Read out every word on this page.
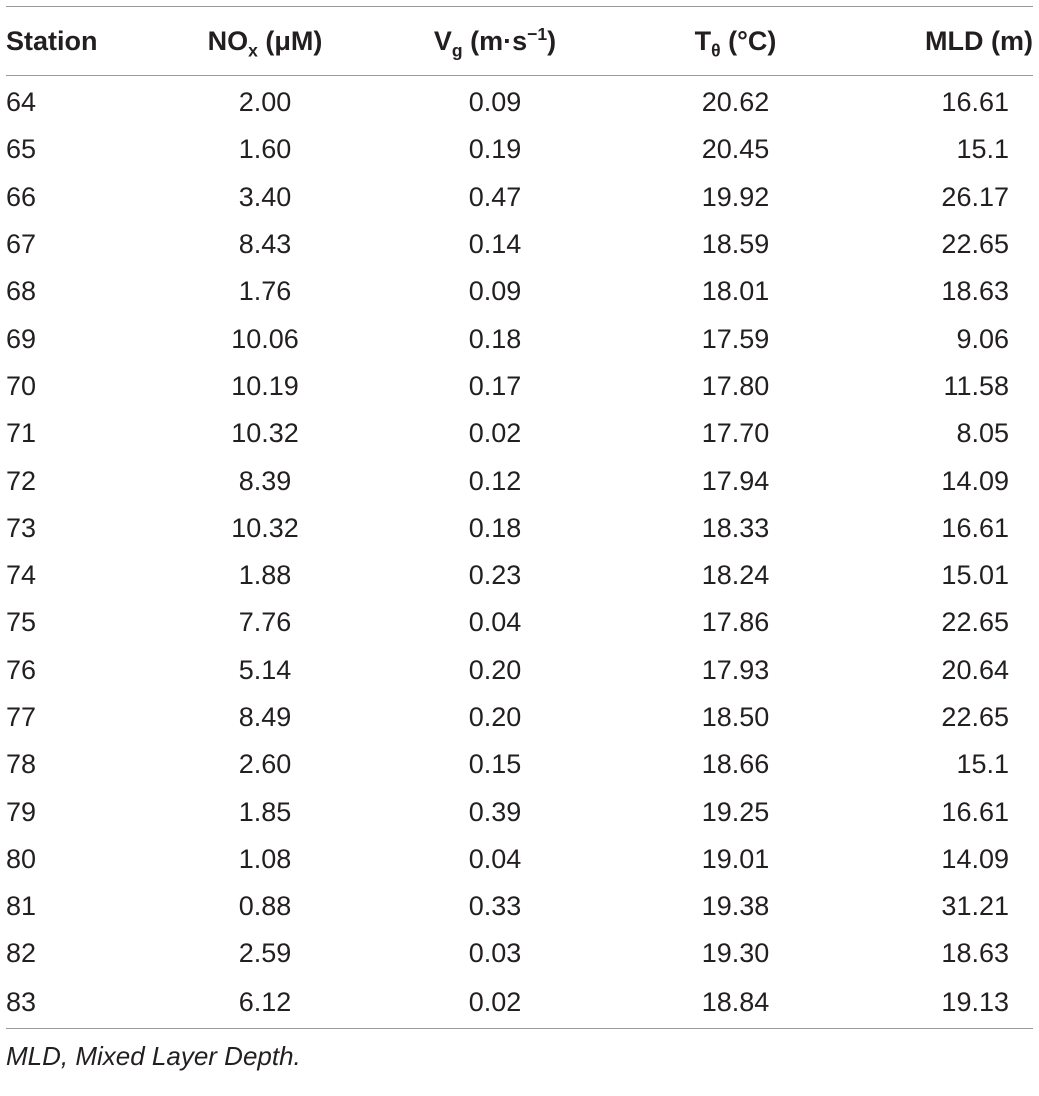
Station	$NO_x$ (μM)	$V_g$ $(m\cdot s^{-1})$	$T_\theta$ (°C)	MLD (m)
64	2.00	0.09	20.62	16.61
65	1.60	0.19	20.45	15.1
66	3.40	0.47	19.92	26.17
67	8.43	0.14	18.59	22.65
68	1.76	0.09	18.01	18.63
69	10.06	0.18	17.59	9.06
70	10.19	0.17	17.80	11.58
71	10.32	0.02	17.70	8.05
72	8.39	0.12	17.94	14.09
73	10.32	0.18	18.33	16.61
74	1.88	0.23	18.24	15.01
75	7.76	0.04	17.86	22.65
76	5.14	0.20	17.93	20.64
77	8.49	0.20	18.50	22.65
78	2.60	0.15	18.66	15.1
79	1.85	0.39	19.25	16.61
80	1.08	0.04	19.01	14.09
81	0.88	0.33	19.38	31.21
82	2.59	0.03	19.30	18.63
83	6.12	0.02	18.84	19.13
MLD, Mixed Layer Depth.
